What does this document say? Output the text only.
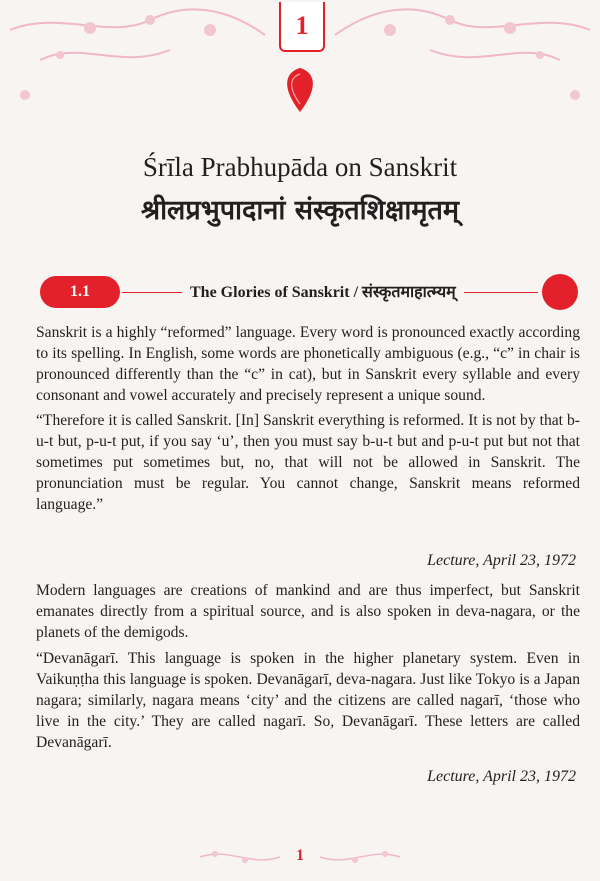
1
Śrīla Prabhupāda on Sanskrit
श्रीलप्रभुपादानां संस्कृतशिक्षामृतम्
1.1	The Glories of Sanskrit / संस्कृतमाहात्म्यम्

Sanskrit is a highly “reformed” language. Every word is pronounced exactly according to its spelling. In English, some words are phonetically ambiguous (e.g., “c” in chair is pronounced differently than the “c” in cat), but in Sanskrit every syllable and every consonant and vowel accurately and precisely represent a unique sound.

“Therefore it is called Sanskrit. [In] Sanskrit everything is reformed. It is not by that b-u-t but, p-u-t put, if you say ‘u’, then you must say b-u-t but and p-u-t put but not that sometimes put sometimes but, no, that will not be allowed in Sanskrit. The pronunciation must be regular. You cannot change, Sanskrit means reformed language.”

Lecture, April 23, 1972

Modern languages are creations of mankind and are thus imperfect, but Sanskrit emanates directly from a spiritual source, and is also spoken in deva-nagara, or the planets of the demigods.

“Devanāgarī. This language is spoken in the higher planetary system. Even in Vaikuṇṭha this language is spoken. Devanāgarī, deva-nagara. Just like Tokyo is a Japan nagara; similarly, nagara means ‘city’ and the citizens are called nagarī, ‘those who live in the city.’ They are called nagarī. So, Devanāgarī. These letters are called Devanāgarī.

Lecture, April 23, 1972
1
